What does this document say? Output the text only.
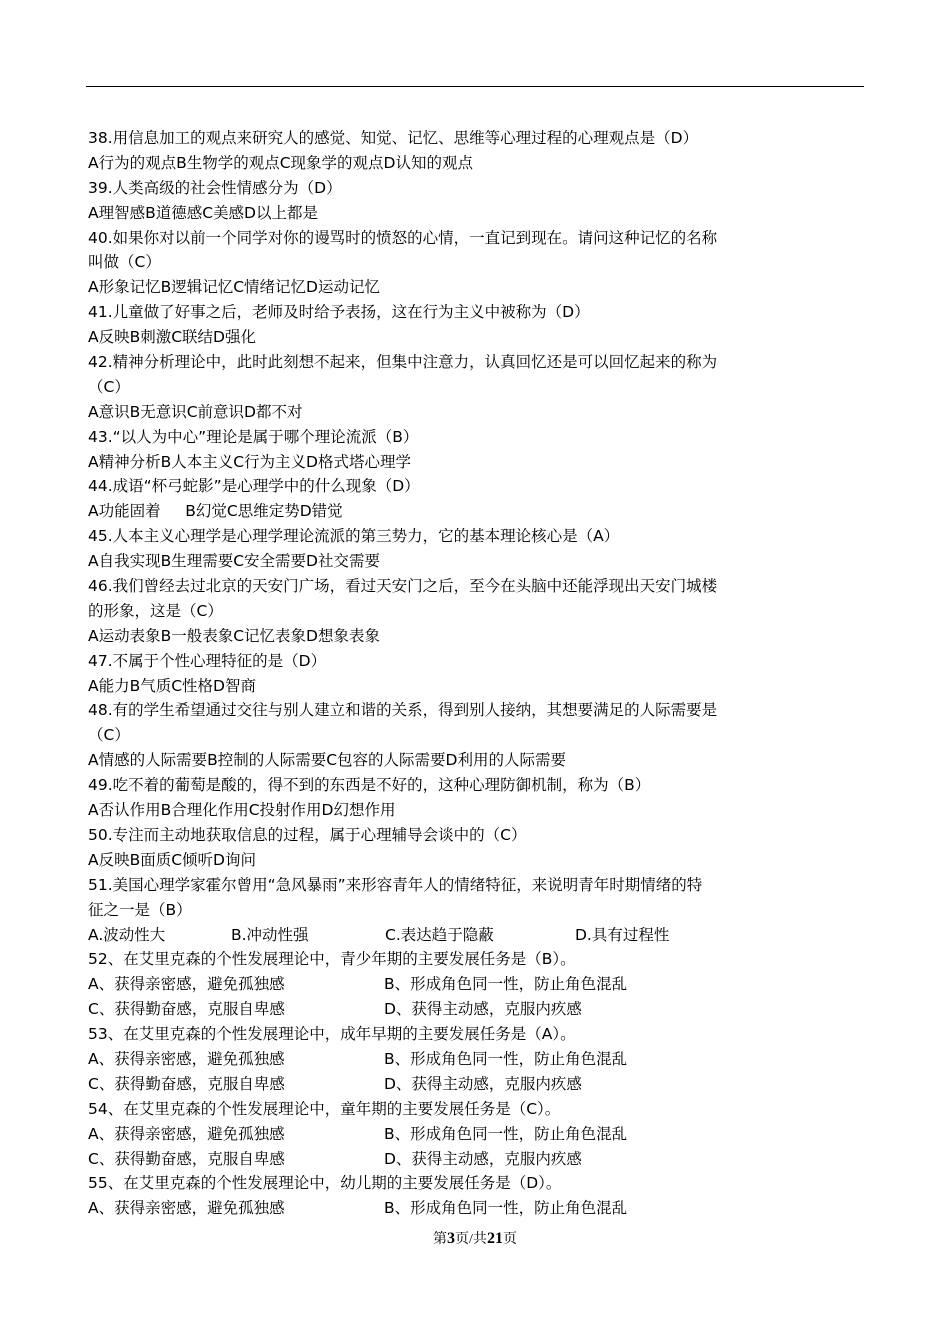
38.用信息加工的观点来研究人的感觉、知觉、记忆、思维等心理过程的心理观点是（D）
A行为的观点B生物学的观点C现象学的观点D认知的观点
39.人类高级的社会性情感分为（D）
A理智感B道德感C美感D以上都是
40.如果你对以前一个同学对你的谩骂时的愤怒的心情，一直记到现在。请问这种记忆的名称
叫做（C）
A形象记忆B逻辑记忆C情绪记忆D运动记忆
41.儿童做了好事之后，老师及时给予表扬，这在行为主义中被称为（D）
A反映B刺激C联结D强化
42.精神分析理论中，此时此刻想不起来，但集中注意力，认真回忆还是可以回忆起来的称为
（C）
A意识B无意识C前意识D都不对
43.“以人为中心”理论是属于哪个理论流派（B）
A精神分析B人本主义C行为主义D格式塔心理学
44.成语“杯弓蛇影”是心理学中的什么现象（D）
A功能固着     B幻觉C思维定势D错觉
45.人本主义心理学是心理学理论流派的第三势力，它的基本理论核心是（A）
A自我实现B生理需要C安全需要D社交需要
46.我们曾经去过北京的天安门广场，看过天安门之后，至今在头脑中还能浮现出天安门城楼
的形象，这是（C）
A运动表象B一般表象C记忆表象D想象表象
47.不属于个性心理特征的是（D）
A能力B气质C性格D智商
48.有的学生希望通过交往与别人建立和谐的关系，得到别人接纳，其想要满足的人际需要是
（C）
A情感的人际需要B控制的人际需要C包容的人际需要D利用的人际需要
49.吃不着的葡萄是酸的，得不到的东西是不好的，这种心理防御机制，称为（B）
A否认作用B合理化作用C投射作用D幻想作用
50.专注而主动地获取信息的过程，属于心理辅导会谈中的（C）
A反映B面质C倾听D询问
51.美国心理学家霍尔曾用“急风暴雨”来形容青年人的情绪特征，来说明青年时期情绪的特
征之一是（B）
A.波动性大	B.冲动性强	C.表达趋于隐蔽	D.具有过程性
52、在艾里克森的个性发展理论中，青少年期的主要发展任务是（B）。
A、获得亲密感，避免孤独感	B、形成角色同一性，防止角色混乱
C、获得勤奋感，克服自卑感	D、获得主动感，克服内疚感
53、在艾里克森的个性发展理论中，成年早期的主要发展任务是（A）。
A、获得亲密感，避免孤独感	B、形成角色同一性，防止角色混乱
C、获得勤奋感，克服自卑感	D、获得主动感，克服内疚感
54、在艾里克森的个性发展理论中，童年期的主要发展任务是（C）。
A、获得亲密感，避免孤独感	B、形成角色同一性，防止角色混乱
C、获得勤奋感，克服自卑感	D、获得主动感，克服内疚感
55、在艾里克森的个性发展理论中，幼儿期的主要发展任务是（D）。
A、获得亲密感，避免孤独感	B、形成角色同一性，防止角色混乱
第3页/共21页
